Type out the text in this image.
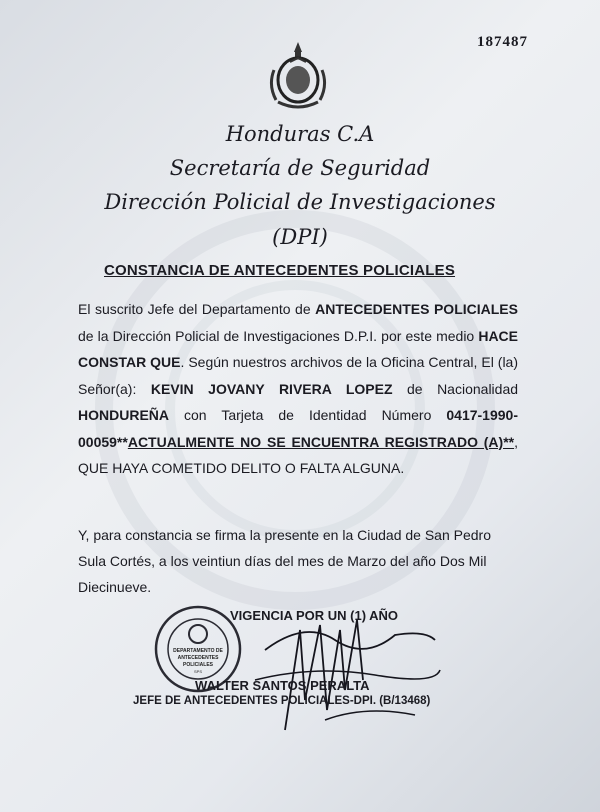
187487
Honduras C.A
Secretaría de Seguridad
Dirección Policial de Investigaciones
(DPI)
CONSTANCIA DE ANTECEDENTES POLICIALES
El suscrito Jefe del Departamento de ANTECEDENTES POLICIALES de la Dirección Policial de Investigaciones D.P.I. por este medio HACE CONSTAR QUE. Según nuestros archivos de la Oficina Central, El (la) Señor(a): KEVIN JOVANY RIVERA LOPEZ de Nacionalidad HONDUREÑA con Tarjeta de Identidad Número 0417-1990-00059**ACTUALMENTE NO SE ENCUENTRA REGISTRADO (A)**, QUE HAYA COMETIDO DELITO O FALTA ALGUNA.
Y, para constancia se firma la presente en la Ciudad de San Pedro Sula Cortés, a los veintiun días del mes de Marzo del año Dos Mil Diecinueve.
DEPARTAMENTO DE
ANTECEDENTES
POLICIALES
SPS
VIGENCIA POR UN (1) AÑO
WALTER SANTOS PERALTA
JEFE DE ANTECEDENTES POLICIALES-DPI. (B/13468)
